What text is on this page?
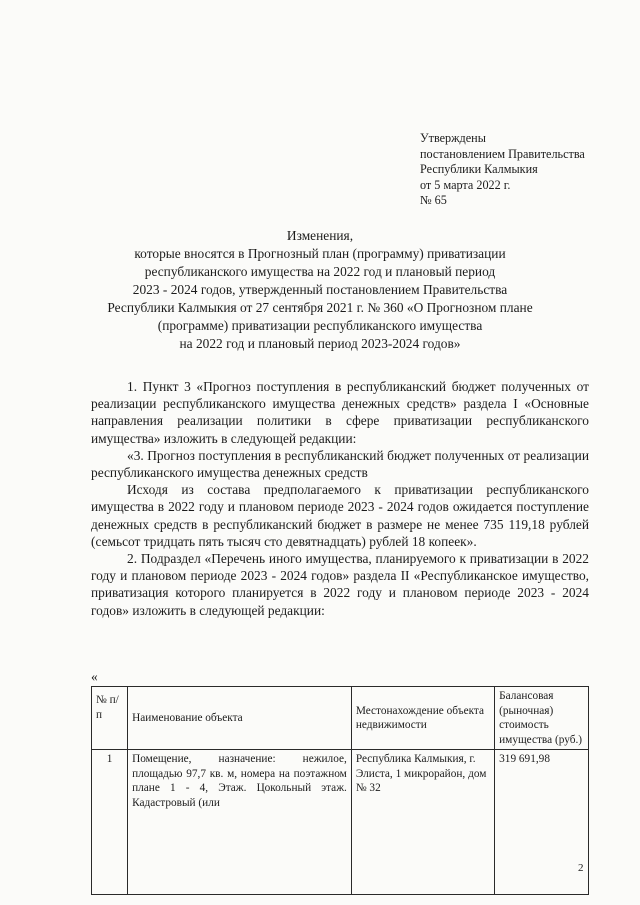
Утверждены
постановлением Правительства
Республики Калмыкия
от 5 марта 2022 г.
№ 65
Изменения,
которые вносятся в Прогнозный план (программу) приватизации
республиканского имущества на 2022 год и плановый период
2023 - 2024 годов, утвержденный постановлением Правительства
Республики Калмыкия от 27 сентября 2021 г. № 360 «О Прогнозном плане
(программе) приватизации республиканского имущества
на 2022 год и плановый период 2023-2024 годов»

1. Пункт 3 «Прогноз поступления в республиканский бюджет полученных от реализации республиканского имущества денежных средств» раздела I «Основные направления реализации политики в сфере приватизации республиканского имущества» изложить в следующей редакции:

«3. Прогноз поступления в республиканский бюджет полученных от реализации республиканского имущества денежных средств

Исходя из состава предполагаемого к приватизации республиканского имущества в 2022 году и плановом периоде 2023 - 2024 годов ожидается поступление денежных средств в республиканский бюджет в размере не менее 735 119,18 рублей (семьсот тридцать пять тысяч сто девятнадцать) рублей 18 копеек».

2. Подраздел «Перечень иного имущества, планируемого к приватизации в 2022 году и плановом периоде 2023 - 2024 годов» раздела II «Республиканское имущество, приватизация которого планируется в 2022 году и плановом периоде 2023 - 2024 годов» изложить в следующей редакции:

«
№ п/п	Наименование объекта	Местонахождение объекта недвижимости	Балансовая (рыночная) стоимость имущества (руб.)
1	Помещение, назначение: нежилое, площадью 97,7 кв. м, номера на поэтажном плане 1 - 4, Этаж. Цокольный этаж. Кадастровый (или	Республика Калмыкия, г. Элиста, 1 микрорайон, дом № 32	319 691,98
2
